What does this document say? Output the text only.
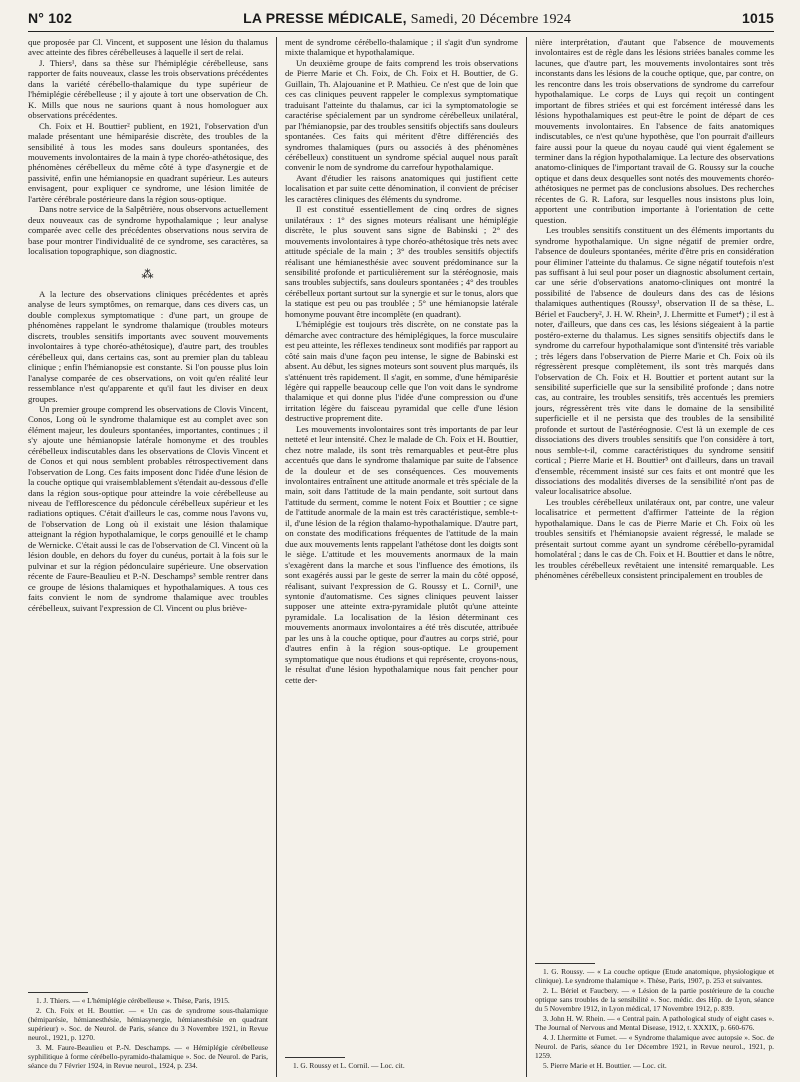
N° 102	LA PRESSE MÉDICALE, Samedi, 20 Décembre 1924	1015

que proposée par Cl. Vincent, et supposent une lésion du thalamus avec atteinte des fibres cérébelleuses à laquelle il sert de relai.

J. Thiers¹, dans sa thèse sur l'hémiplégie cérébelleuse, sans rapporter de faits nouveaux, classe les trois observations précédentes dans la variété cérébello-thalamique du type supérieur de l'hémiplégie cérébelleuse ; il y ajoute à tort une observation de Ch. K. Mills que nous ne saurions quant à nous homologuer aux observations précédentes.

Ch. Foix et H. Bouttier² publient, en 1921, l'observation d'un malade présentant une hémiparésie discrète, des troubles de la sensibilité à tous les modes sans douleurs spontanées, des mouvements involontaires de la main à type choréo-athétosique, des phénomènes cérébelleux du même côté à type d'asynergie et de passivité, enfin une hémianopsie en quadrant supérieur. Les auteurs envisagent, pour expliquer ce syndrome, une lésion limitée de l'artère cérébrale postérieure dans la région sous-optique.

Dans notre service de la Salpêtrière, nous observons actuellement deux nouveaux cas de syndrome hypothalamique ; leur analyse comparée avec celle des précédentes observations nous servira de base pour montrer l'individualité de ce syndrome, ses caractères, sa localisation topographique, son diagnostic.

⁂

A la lecture des observations cliniques précédentes et après analyse de leurs symptômes, on remarque, dans ces divers cas, un double complexus symptomatique : d'une part, un groupe de phénomènes rappelant le syndrome thalamique (troubles moteurs discrets, troubles sensitifs importants avec souvent mouvements involontaires à type choréo-athétosique), d'autre part, des troubles cérébelleux qui, dans certains cas, sont au premier plan du tableau clinique ; enfin l'hémianopsie est constante. Si l'on pousse plus loin l'analyse comparée de ces observations, on voit qu'en réalité leur ressemblance n'est qu'apparente et qu'il faut les diviser en deux groupes.

Un premier groupe comprend les observations de Clovis Vincent, Conos, Long où le syndrome thalamique est au complet avec son élément majeur, les douleurs spontanées, importantes, continues ; il s'y ajoute une hémianopsie latérale homonyme et des troubles cérébelleux indiscutables dans les observations de Clovis Vincent et de Conos et qui nous semblent probables rétrospectivement dans l'observation de Long. Ces faits imposent donc l'idée d'une lésion de la couche optique qui vraisemblablement s'étendait au-dessous d'elle dans la région sous-optique pour atteindre la voie cérébelleuse au niveau de l'efflorescence du pédoncule cérébelleux supérieur et les radiations optiques. C'était d'ailleurs le cas, comme nous l'avons vu, de l'observation de Long où il existait une lésion thalamique atteignant la région hypothalamique, le corps genouillé et le champ de Wernicke. C'était aussi le cas de l'observation de Cl. Vincent où la lésion double, en dehors du foyer du cunéus, portait à la fois sur le pulvinar et sur la région pédonculaire supérieure. Une observation récente de Faure-Beaulieu et P.-N. Deschamps³ semble rentrer dans ce groupe de lésions thalamiques et hypothalamiques. A tous ces faits convient le nom de syndrome thalamique avec troubles cérébelleux, suivant l'expression de Cl. Vincent ou plus briève-

1. J. Thiers. — « L'hémiplégie cérébelleuse ». Thèse, Paris, 1915.

2. Ch. Foix et H. Bouttier. — « Un cas de syndrome sous-thalamique (hémiparésie, hémianesthésie, hémiasynergie, hémianesthésie en quadrant supérieur) ». Soc. de Neurol. de Paris, séance du 3 Novembre 1921, in Revue neurol., 1921, p. 1270.

3. M. Faure-Beaulieu et P.-N. Deschamps. — « Hémiplégie cérébelleuse syphilitique à forme cérébello-pyramido-thalamique ». Soc. de Neurol. de Paris, séance du 7 Février 1924, in Revue neurol., 1924, p. 234.

ment de syndrome cérébello-thalamique ; il s'agit d'un syndrome mixte thalamique et hypothalamique.

Un deuxième groupe de faits comprend les trois observations de Pierre Marie et Ch. Foix, de Ch. Foix et H. Bouttier, de G. Guillain, Th. Alajouanine et P. Mathieu. Ce n'est que de loin que ces cas cliniques peuvent rappeler le complexus symptomatique traduisant l'atteinte du thalamus, car ici la symptomatologie se caractérise spécialement par un syndrome cérébelleux unilatéral, par l'hémianopsie, par des troubles sensitifs objectifs sans douleurs spontanées. Ces faits qui méritent d'être différenciés des syndromes thalamiques (purs ou associés à des phénomènes cérébelleux) constituent un syndrome spécial auquel nous paraît convenir le nom de syndrome du carrefour hypothalamique.

Avant d'étudier les raisons anatomiques qui justifient cette localisation et par suite cette dénomination, il convient de préciser les caractères cliniques des éléments du syndrome.

Il est constitué essentiellement de cinq ordres de signes unilatéraux : 1° des signes moteurs réalisant une hémiplégie discrète, le plus souvent sans signe de Babinski ; 2° des mouvements involontaires à type choréo-athétosique très nets avec attitude spéciale de la main ; 3° des troubles sensitifs objectifs réalisant une hémianesthésie avec souvent prédominance sur la sensibilité profonde et particulièrement sur la stéréognosie, mais sans troubles subjectifs, sans douleurs spontanées ; 4° des troubles cérébelleux portant surtout sur la synergie et sur le tonus, alors que la statique est peu ou pas troublée ; 5° une hémianopsie latérale homonyme pouvant être incomplète (en quadrant).

L'hémiplégie est toujours très discrète, on ne constate pas la démarche avec contracture des hémiplégiques, la force musculaire est peu atteinte, les réflexes tendineux sont modifiés par rapport au côté sain mais d'une façon peu intense, le signe de Babinski est absent. Au début, les signes moteurs sont souvent plus marqués, ils s'atténuent très rapidement. Il s'agit, en somme, d'une hémiparésie légère qui rappelle beaucoup celle que l'on voit dans le syndrome thalamique et qui donne plus l'idée d'une compression ou d'une irritation légère du faisceau pyramidal que celle d'une lésion destructive proprement dite.

Les mouvements involontaires sont très importants de par leur netteté et leur intensité. Chez le malade de Ch. Foix et H. Bouttier, chez notre malade, ils sont très remarquables et peut-être plus accentués que dans le syndrome thalamique par suite de l'absence de la douleur et de ses conséquences. Ces mouvements involontaires entraînent une attitude anormale et très spéciale de la main, soit dans l'attitude de la main pendante, soit surtout dans l'attitude du serment, comme le notent Foix et Bouttier ; ce signe de l'attitude anormale de la main est très caractéristique, semble-t-il, d'une lésion de la région thalamo-hypothalamique. D'autre part, on constate des modifications fréquentes de l'attitude de la main due aux mouvements lents rappelant l'athétose dont les doigts sont le siège. L'attitude et les mouvements anormaux de la main s'exagèrent dans la marche et sous l'influence des émotions, ils sont exagérés aussi par le geste de serrer la main du côté opposé, réalisant, suivant l'expression de G. Roussy et L. Cornil¹, une syntonie d'automatisme. Ces signes cliniques peuvent laisser supposer une atteinte extra-pyramidale plutôt qu'une atteinte pyramidale. La localisation de la lésion déterminant ces mouvements anormaux involontaires a été très discutée, attribuée par les uns à la couche optique, pour d'autres au corps strié, pour d'autres enfin à la région sous-optique. Le groupement symptomatique que nous étudions et qui représente, croyons-nous, le résultat d'une lésion hypothalamique nous fait pencher pour cette der-

1. G. Roussy et L. Cornil. — Loc. cit.

nière interprétation, d'autant que l'absence de mouvements involontaires est de règle dans les lésions striées banales comme les lacunes, que d'autre part, les mouvements involontaires sont très inconstants dans les lésions de la couche optique, que, par contre, on les rencontre dans les trois observations de syndrome du carrefour hypothalamique. Le corps de Luys qui reçoit un contingent important de fibres striées et qui est forcément intéressé dans les lésions hypothalamiques est peut-être le point de départ de ces mouvements involontaires. En l'absence de faits anatomiques indiscutables, ce n'est qu'une hypothèse, que l'on pourrait d'ailleurs faire aussi pour la queue du noyau caudé qui vient également se terminer dans la région hypothalamique. La lecture des observations anatomo-cliniques de l'important travail de G. Roussy sur la couche optique et dans deux desquelles sont notés des mouvements choréo-athétosiques ne permet pas de conclusions absolues. Des recherches récentes de G. R. Lafora, sur lesquelles nous insistons plus loin, apportent une contribution importante à l'orientation de cette question.

Les troubles sensitifs constituent un des éléments importants du syndrome hypothalamique. Un signe négatif de premier ordre, l'absence de douleurs spontanées, mérite d'être pris en considération pour éliminer l'atteinte du thalamus. Ce signe négatif toutefois n'est pas suffisant à lui seul pour poser un diagnostic absolument certain, car une série d'observations anatomo-cliniques ont montré la possibilité de l'absence de douleurs dans des cas de lésions thalamiques authentiques (Roussy¹, observation II de sa thèse, L. Bériel et Faucbery², J. H. W. Rhein³, J. Lhermitte et Fumet⁴) ; il est à noter, d'ailleurs, que dans ces cas, les lésions siégeaient à la partie postéro-externe du thalamus. Les signes sensitifs objectifs dans le syndrome du carrefour hypothalamique sont d'intensité très variable ; très légers dans l'observation de Pierre Marie et Ch. Foix où ils régressèrent presque complètement, ils sont très marqués dans l'observation de Ch. Foix et H. Bouttier et portent autant sur la sensibilité superficielle que sur la sensibilité profonde ; dans notre cas, au contraire, les troubles sensitifs, très accentués les premiers jours, régressèrent très vite dans le domaine de la sensibilité superficielle et il ne persista que des troubles de la sensibilité profonde et surtout de l'astéréognosie. C'est là un exemple de ces dissociations des divers troubles sensitifs que l'on considère à tort, nous semble-t-il, comme caractéristiques du syndrome sensitif cortical ; Pierre Marie et H. Bouttier⁵ ont d'ailleurs, dans un travail d'ensemble, récemment insisté sur ces faits et ont montré que les dissociations des modalités diverses de la sensibilité n'ont pas de valeur localisatrice absolue.

Les troubles cérébelleux unilatéraux ont, par contre, une valeur localisatrice et permettent d'affirmer l'atteinte de la région hypothalamique. Dans le cas de Pierre Marie et Ch. Foix où les troubles sensitifs et l'hémianopsie avaient régressé, le malade se présentait surtout comme ayant un syndrome cérébello-pyramidal homolatéral ; dans le cas de Ch. Foix et H. Bouttier et dans le nôtre, les troubles cérébelleux revêtaient une intensité remarquable. Les phénomènes cérébelleux consistent principalement en troubles de

1. G. Roussy. — « La couche optique (Etude anatomique, physiologique et clinique). Le syndrome thalamique ». Thèse, Paris, 1907, p. 253 et suivantes.

2. L. Bériel et Faucbery. — « Lésion de la partie postérieure de la couche optique sans troubles de la sensibilité ». Soc. médic. des Hôp. de Lyon, séance du 5 Novembre 1912, in Lyon médical, 17 Novembre 1912, p. 839.

3. John H. W. Rhein. — « Central pain. A pathological study of eight cases ». The Journal of Nervous and Mental Disease, 1912, t. XXXIX, p. 660-676.

4. J. Lhermitte et Fumet. — « Syndrome thalamique avec autopsie ». Soc. de Neurol. de Paris, séance du 1er Décembre 1921, in Revue neurol., 1921, p. 1259.

5. Pierre Marie et H. Bouttier. — Loc. cit.
